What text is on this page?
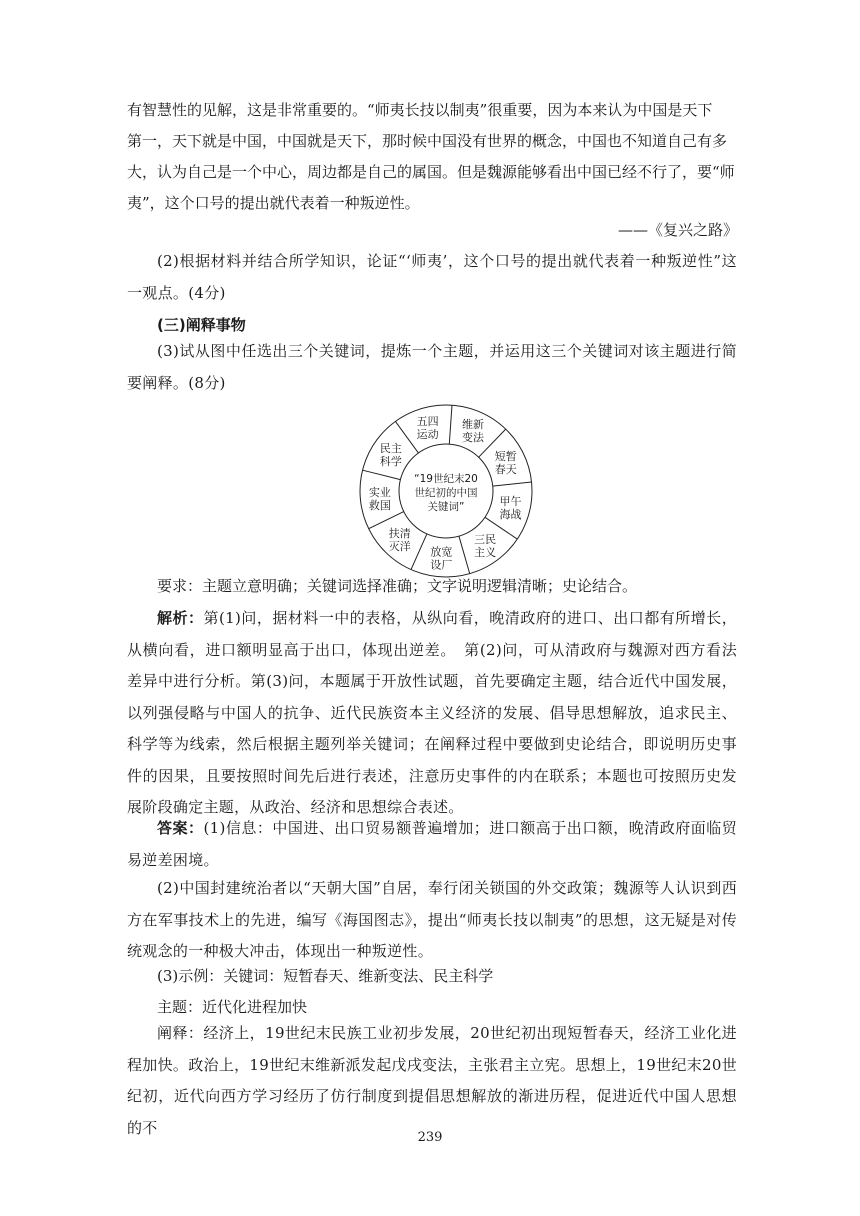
有智慧性的见解，这是非常重要的。“师夷长技以制夷”很重要，因为本来认为中国是天下
第一，天下就是中国，中国就是天下，那时候中国没有世界的概念，中国也不知道自己有多
大，认为自己是一个中心，周边都是自己的属国。但是魏源能够看出中国已经不行了，要“师
夷”，这个口号的提出就代表着一种叛逆性。
——《复兴之路》
(2)根据材料并结合所学知识，论证“‘师夷’，这个口号的提出就代表着一种叛逆性”这一观点。(4分)
(三)阐释事物
(3)试从图中任选出三个关键词，提炼一个主题，并运用这三个关键词对该主题进行简要阐释。(8分)
维新
变法
短暂
春天
甲午
海战
三民
主义
放宽
设厂
扶清
灭洋
实业
救国
民主
科学
五四
运动
“19世纪末20
世纪初的中国
关键词”
要求：主题立意明确；关键词选择准确；文字说明逻辑清晰；史论结合。
解析：第(1)问，据材料一中的表格，从纵向看，晚清政府的进口、出口都有所增长，从横向看，进口额明显高于出口，体现出逆差。　第(2)问，可从清政府与魏源对西方看法差异中进行分析。第(3)问，本题属于开放性试题，首先要确定主题，结合近代中国发展，以列强侵略与中国人的抗争、近代民族资本主义经济的发展、倡导思想解放，追求民主、科学等为线索，然后根据主题列举关键词；在阐释过程中要做到史论结合，即说明历史事件的因果，且要按照时间先后进行表述，注意历史事件的内在联系；本题也可按照历史发展阶段确定主题，从政治、经济和思想综合表述。
答案：(1)信息：中国进、出口贸易额普遍增加；进口额高于出口额，晚清政府面临贸易逆差困境。
(2)中国封建统治者以“天朝大国”自居，奉行闭关锁国的外交政策；魏源等人认识到西方在军事技术上的先进，编写《海国图志》，提出“师夷长技以制夷”的思想，这无疑是对传统观念的一种极大冲击，体现出一种叛逆性。
(3)示例：关键词：短暂春天、维新变法、民主科学
主题：近代化进程加快
阐释：经济上，19世纪末民族工业初步发展，20世纪初出现短暂春天，经济工业化进程加快。政治上，19世纪末维新派发起戊戌变法，主张君主立宪。思想上，19世纪末20世纪初，近代向西方学习经历了仿行制度到提倡思想解放的渐进历程，促进近代中国人思想的不
239
